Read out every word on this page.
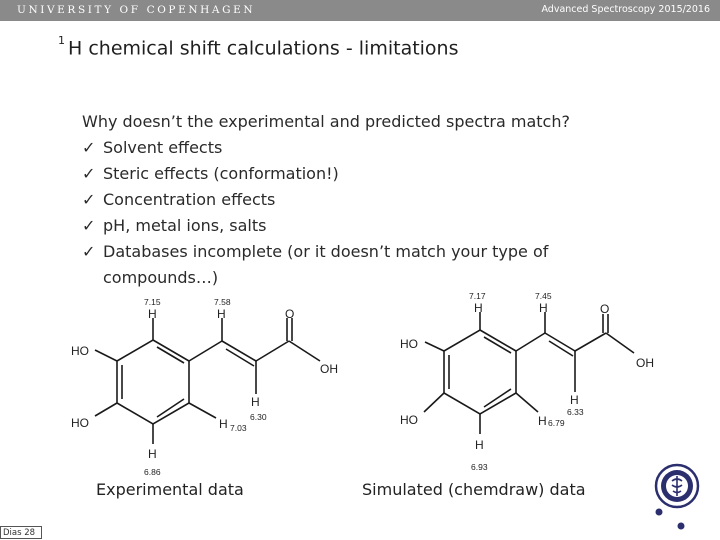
UNIVERSITY OF COPENHAGEN	Advanced Spectroscopy 2015/2016
$^1$ H chemical shift calculations - limitations
Why doesn’t the experimental and predicted spectra match?
✓ Solvent effects
✓ Steric effects (conformation!)
✓ Concentration effects
✓ pH, metal ions, salts
✓ Databases incomplete (or it doesn’t match your type of compounds…)
H	H
H
H
H
HO
HO
O
OH
7.15	7.58
6.86
7.03
6.30
H	H
H
H
H
HO
HO
O
OH
7.17	7.45
6.93
6.79
6.33
Experimental data	Simulated (chemdraw) data
Dias 28
